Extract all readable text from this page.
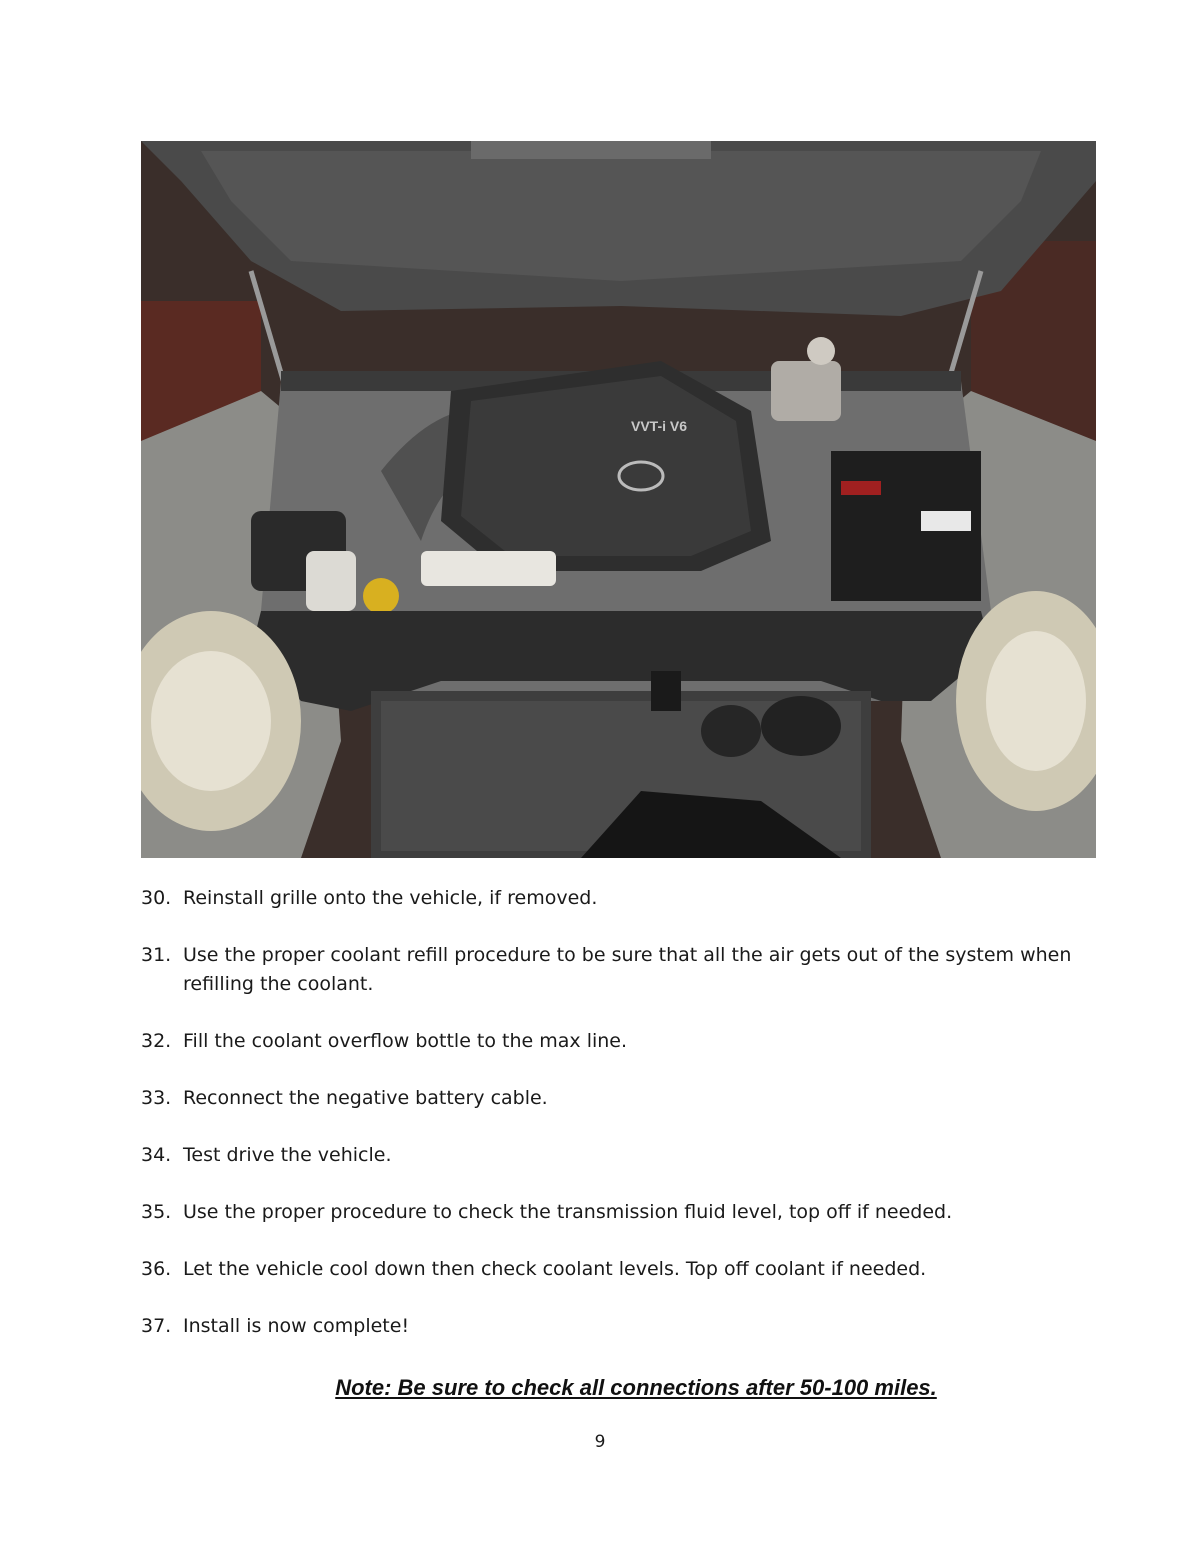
VVT-i V6
30. Reinstall grille onto the vehicle, if removed.
31. Use the proper coolant refill procedure to be sure that all the air gets out of the system when refilling the coolant.
32. Fill the coolant overflow bottle to the max line.
33. Reconnect the negative battery cable.
34. Test drive the vehicle.
35. Use the proper procedure to check the transmission fluid level, top off if needed.
36. Let the vehicle cool down then check coolant levels. Top off coolant if needed.
37. Install is now complete!
Note: Be sure to check all connections after 50-100 miles.
9
